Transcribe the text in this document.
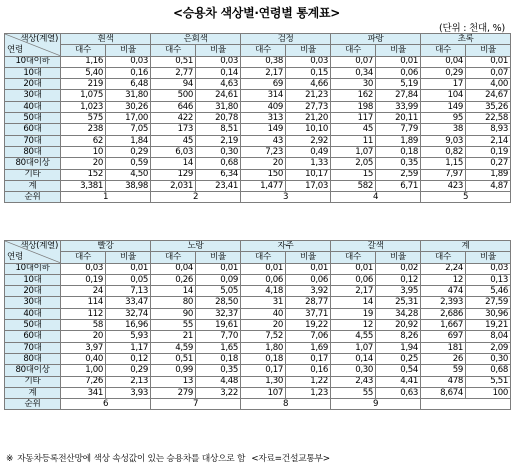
<승용차 색상별·연령별 통계표>
(단위 : 천대, %)
색상(계열)
연령	흰색		은회색		검정		파랑		초록	
	대수	비율	대수	비율	대수	비율	대수	비율	대수	비율
10대이하	1,16	0,03	0,51	0,03	0,38	0,03	0,07	0,01	0,04	0,01
10대	5,40	0,16	2,77	0,14	2,17	0,15	0,34	0,06	0,29	0,07
20대	219	6,48	94	4,63	69	4,66	30	5,19	17	4,00
30대	1,075	31,80	500	24,61	314	21,23	162	27,84	104	24,67
40대	1,023	30,26	646	31,80	409	27,73	198	33,99	149	35,26
50대	575	17,00	422	20,78	313	21,20	117	20,11	95	22,58
60대	238	7,05	173	8,51	149	10,10	45	7,79	38	8,93
70대	62	1,84	45	2,19	43	2,92	11	1,89	9,03	2,14
80대	10	0,29	6,03	0,30	7,23	0,49	1,07	0,18	0,82	0,19
80대이상	20	0,59	14	0,68	20	1,33	2,05	0,35	1,15	0,27
기타	152	4,50	129	6,34	150	10,17	15	2,59	7,97	1,89
계	3,381	38,98	2,031	23,41	1,477	17,03	582	6,71	423	4,87
순위	1		2		3		4		5	
색상(계열)
연령	빨강		노랑		자주		갈색		계	
	대수	비율	대수	비율	대수	비율	대수	비율	대수	비율
10대이하	0,03	0,01	0,04	0,01	0,01	0,01	0,01	0,02	2,24	0,03
10대	0,19	0,05	0,26	0,09	0,06	0,06	0,06	0,12	12	0,13
20대	24	7,13	14	5,05	4,18	3,92	2,17	3,95	474	5,46
30대	114	33,47	80	28,50	31	28,77	14	25,31	2,393	27,59
40대	112	32,74	90	32,37	40	37,71	19	34,28	2,686	30,96
50대	58	16,96	55	19,61	20	19,22	12	20,92	1,667	19,21
60대	20	5,93	21	7,70	7,52	7,06	4,55	8,26	697	8,04
70대	3,97	1,17	4,59	1,65	1,80	1,69	1,07	1,94	181	2,09
80대	0,40	0,12	0,51	0,18	0,18	0,17	0,14	0,25	26	0,30
80대이상	1,00	0,29	0,99	0,35	0,17	0,16	0,30	0,54	59	0,68
기타	7,26	2,13	13	4,48	1,30	1,22	2,43	4,41	478	5,51
계	341	3,93	279	3,22	107	1,23	55	0,63	8,674	100
순위	6		7		8		9			
※ 자동차등록전산망에 색상 속성값이 있는 승용차를 대상으로 함 <자료=건설교통부>
